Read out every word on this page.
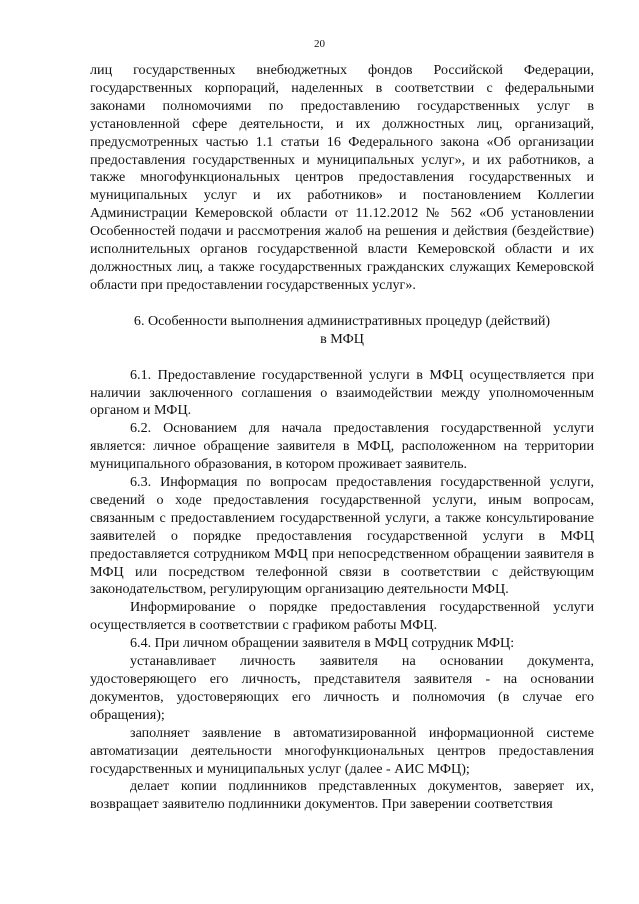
20

лиц государственных внебюджетных фондов Российской Федерации, государственных корпораций, наделенных в соответствии с федеральными законами полномочиями по предоставлению государственных услуг в установленной сфере деятельности, и их должностных лиц, организаций, предусмотренных частью 1.1 статьи 16 Федерального закона «Об организации предоставления государственных и муниципальных услуг», и их работников, а также многофункциональных центров предоставления государственных и муниципальных услуг и их работников» и постановлением Коллегии Администрации Кемеровской области от 11.12.2012 № 562 «Об установлении Особенностей подачи и рассмотрения жалоб на решения и действия (бездействие) исполнительных органов государственной власти Кемеровской области и их должностных лиц, а также государственных гражданских служащих Кемеровской области при предоставлении государственных услуг».

6. Особенности выполнения административных процедур (действий)
в МФЦ

6.1. Предоставление государственной услуги в МФЦ осуществляется при наличии заключенного соглашения о взаимодействии между уполномоченным органом и МФЦ.

6.2. Основанием для начала предоставления государственной услуги является: личное обращение заявителя в МФЦ, расположенном на территории муниципального образования, в котором проживает заявитель.

6.3. Информация по вопросам предоставления государственной услуги, сведений о ходе предоставления государственной услуги, иным вопросам, связанным с предоставлением государственной услуги, а также консультирование заявителей о порядке предоставления государственной услуги в МФЦ предоставляется сотрудником МФЦ при непосредственном обращении заявителя в МФЦ или посредством телефонной связи в соответствии с действующим законодательством, регулирующим организацию деятельности МФЦ.

Информирование о порядке предоставления государственной услуги осуществляется в соответствии с графиком работы МФЦ.

6.4. При личном обращении заявителя в МФЦ сотрудник МФЦ:

устанавливает личность заявителя на основании документа, удостоверяющего его личность, представителя заявителя - на основании документов, удостоверяющих его личность и полномочия (в случае его обращения);

заполняет заявление в автоматизированной информационной системе автоматизации деятельности многофункциональных центров предоставления государственных и муниципальных услуг (далее - АИС МФЦ);

делает копии подлинников представленных документов, заверяет их, возвращает заявителю подлинники документов. При заверении соответствия
